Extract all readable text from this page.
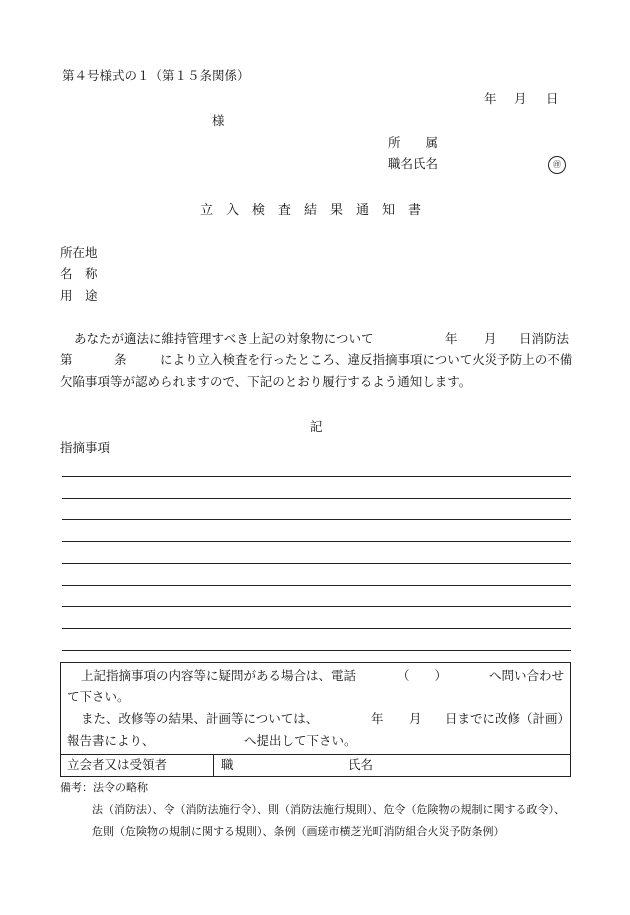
第４号様式の１（第１５条関係）
年 月 日
様
所　　属
職名氏名	㊞
立　入　検　査　結　果　通　知　書
所在地
名　称
用　途
あなたが適法に維持管理すべき上記の対象物について	年 月 日消防法
第	条	により立入検査を行ったところ、違反指摘事項について火災予防上の不備
欠陥事項等が認められますので、下記のとおり履行するよう通知します。
記
指摘事項
上記指摘事項の内容等に疑問がある場合は、電話	（　　）	へ問い合わせ
て下さい。
また、改修等の結果、計画等については、	年 月 日までに改修（計画）
報告書により、	へ提出して下さい。
立会者又は受領者	職	氏名
備考：法令の略称
法（消防法）、令（消防法施行令）、則（消防法施行規則）、危令（危険物の規制に関する政令）、
危則（危険物の規制に関する規則）、条例（画瑳市横芝光町消防組合火災予防条例）
